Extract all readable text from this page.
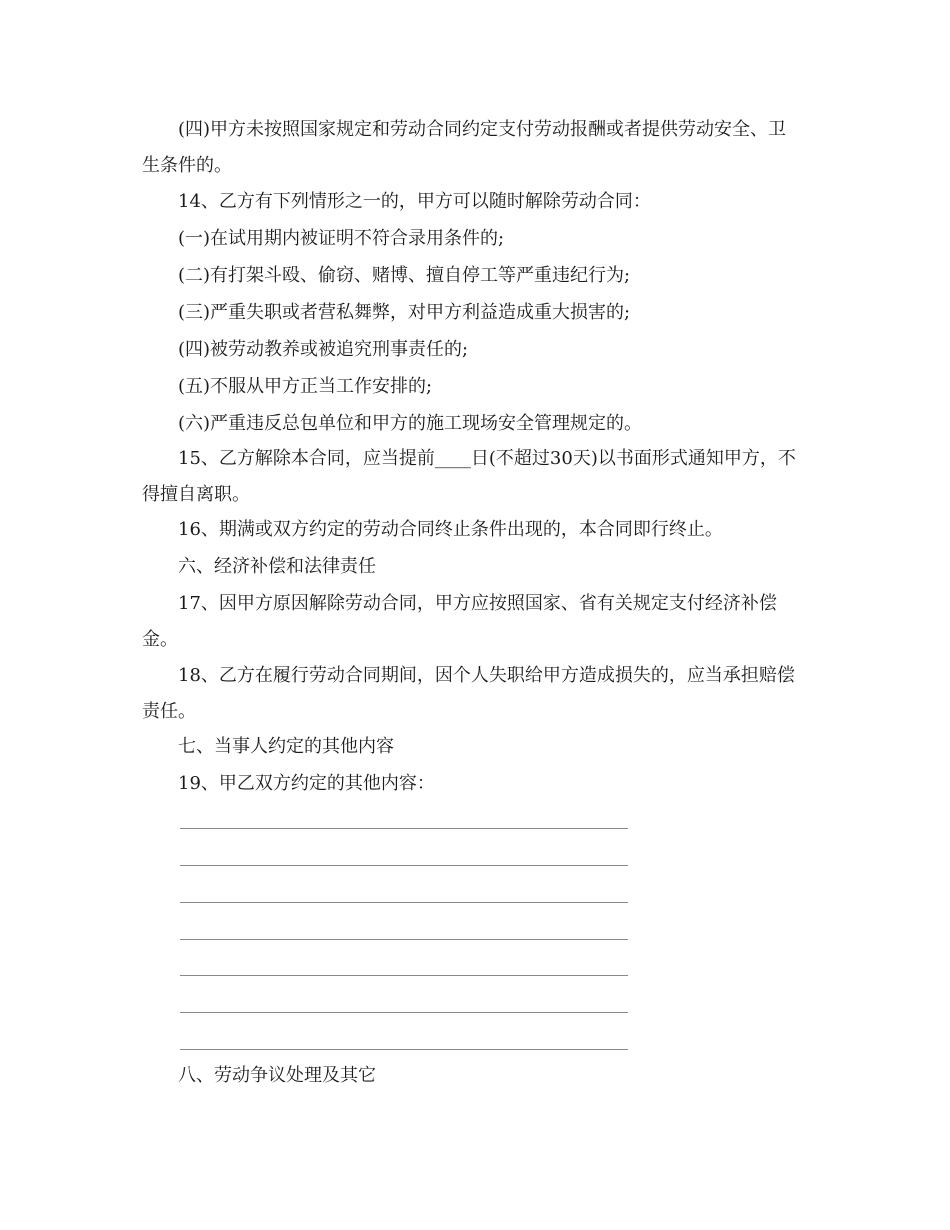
(四)甲方未按照国家规定和劳动合同约定支付劳动报酬或者提供劳动安全、卫生条件的。

14、乙方有下列情形之一的，甲方可以随时解除劳动合同：

(一)在试用期内被证明不符合录用条件的;

(二)有打架斗殴、偷窃、赌博、擅自停工等严重违纪行为;

(三)严重失职或者营私舞弊，对甲方利益造成重大损害的;

(四)被劳动教养或被追究刑事责任的;

(五)不服从甲方正当工作安排的;

(六)严重违反总包单位和甲方的施工现场安全管理规定的。

15、乙方解除本合同，应当提前____日(不超过30天)以书面形式通知甲方，不得擅自离职。

16、期满或双方约定的劳动合同终止条件出现的，本合同即行终止。

六、经济补偿和法律责任

17、因甲方原因解除劳动合同，甲方应按照国家、省有关规定支付经济补偿金。

18、乙方在履行劳动合同期间，因个人失职给甲方造成损失的，应当承担赔偿责任。

七、当事人约定的其他内容

19、甲乙双方约定的其他内容：

八、劳动争议处理及其它
